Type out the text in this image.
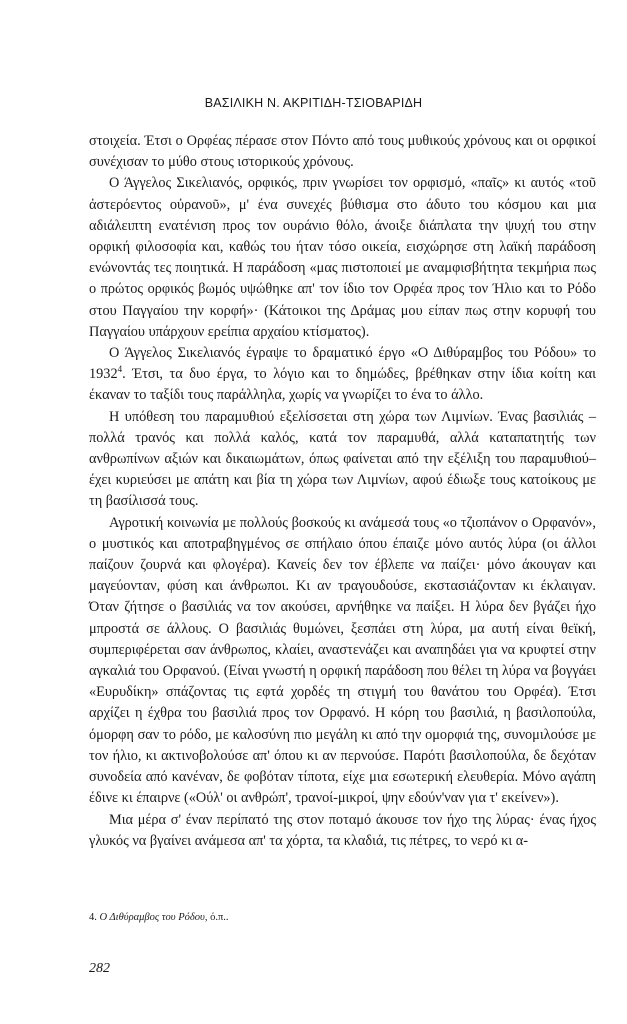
ΒΑΣΙΛΙΚΗ Ν. ΑΚΡΙΤΙΔΗ-ΤΣΙΟΒΑΡΙΔΗ

στοιχεία. Έτσι ο Ορφέας πέρασε στον Πόντο από τους μυθικούς χρόνους και οι ορφικοί συνέχισαν το μύθο στους ιστορικούς χρόνους.

Ο Άγγελος Σικελιανός, ορφικός, πριν γνωρίσει τον ορφισμό, «παῖς» κι αυτός «τοῦ ἀστερόεντος οὐρανοῦ», μ' ένα συνεχές βύθισμα στο άδυτο του κόσμου και μια αδιάλειπτη ενατένιση προς τον ουράνιο θόλο, άνοιξε διάπλατα την ψυχή του στην ορφική φιλοσοφία και, καθώς του ήταν τόσο οικεία, εισχώρησε στη λαϊκή παράδοση ενώνοντάς τες ποιητικά. Η παράδοση «μας πιστοποιεί με αναμφισβήτητα τεκμήρια πως ο πρώτος ορφικός βωμός υψώθηκε απ' τον ίδιο τον Ορφέα προς τον Ήλιο και το Ρόδο στου Παγγαίου την κορφή»· (Κάτοικοι της Δράμας μου είπαν πως στην κορυφή του Παγγαίου υπάρχουν ερείπια αρχαίου κτίσματος).

Ο Άγγελος Σικελιανός έγραψε το δραματικό έργο «Ο Διθύραμβος του Ρόδου» το 1932$^4$. Έτσι, τα δυο έργα, το λόγιο και το δημώδες, βρέθηκαν στην ίδια κοίτη και έκαναν το ταξίδι τους παράλληλα, χωρίς να γνωρίζει το ένα το άλλο.

Η υπόθεση του παραμυθιού εξελίσσεται στη χώρα των Λιμνίων. Ένας βασιλιάς –πολλά τρανός και πολλά καλός, κατά τον παραμυθά, αλλά καταπατητής των ανθρωπίνων αξιών και δικαιωμάτων, όπως φαίνεται από την εξέλιξη του παραμυθιού– έχει κυριεύσει με απάτη και βία τη χώρα των Λιμνίων, αφού έδιωξε τους κατοίκους με τη βασίλισσά τους.

Αγροτική κοινωνία με πολλούς βοσκούς κι ανάμεσά τους «ο τζιοπάνον ο Ορφανόν», ο μυστικός και αποτραβηγμένος σε σπήλαιο όπου έπαιζε μόνο αυτός λύρα (οι άλλοι παίζουν ζουρνά και φλογέρα). Κανείς δεν τον έβλεπε να παίζει· μόνο άκουγαν και μαγεύονταν, φύση και άνθρωποι. Κι αν τραγουδούσε, εκστασιάζονταν κι έκλαιγαν. Όταν ζήτησε ο βασιλιάς να τον ακούσει, αρνήθηκε να παίξει. Η λύρα δεν βγάζει ήχο μπροστά σε άλλους. Ο βασιλιάς θυμώνει, ξεσπάει στη λύρα, μα αυτή είναι θεϊκή, συμπεριφέρεται σαν άνθρωπος, κλαίει, αναστενάζει και αναπηδάει για να κρυφτεί στην αγκαλιά του Ορφανού. (Είναι γνωστή η ορφική παράδοση που θέλει τη λύρα να βογγάει «Ευρυδίκη» σπάζοντας τις εφτά χορδές τη στιγμή του θανάτου του Ορφέα). Έτσι αρχίζει η έχθρα του βασιλιά προς τον Ορφανό. Η κόρη του βασιλιά, η βασιλοπούλα, όμορφη σαν το ρόδο, με καλοσύνη πιο μεγάλη κι από την ομορφιά της, συνομιλούσε με τον ήλιο, κι ακτινοβολούσε απ' όπου κι αν περνούσε. Παρότι βασιλοπούλα, δε δεχόταν συνοδεία από κανέναν, δε φοβόταν τίποτα, είχε μια εσωτερική ελευθερία. Μόνο αγάπη έδινε κι έπαιρνε («Ούλ' οι ανθρώπ', τρανοί-μικροί, ψην εδούν'ναν για τ' εκείνεν»).

Μια μέρα σ' έναν περίπατό της στον ποταμό άκουσε τον ήχο της λύρας· ένας ήχος γλυκός να βγαίνει ανάμεσα απ' τα χόρτα, τα κλαδιά, τις πέτρες, το νερό κι α-

4. Ο Διθύραμβος του Ρόδου, ό.π..
282
